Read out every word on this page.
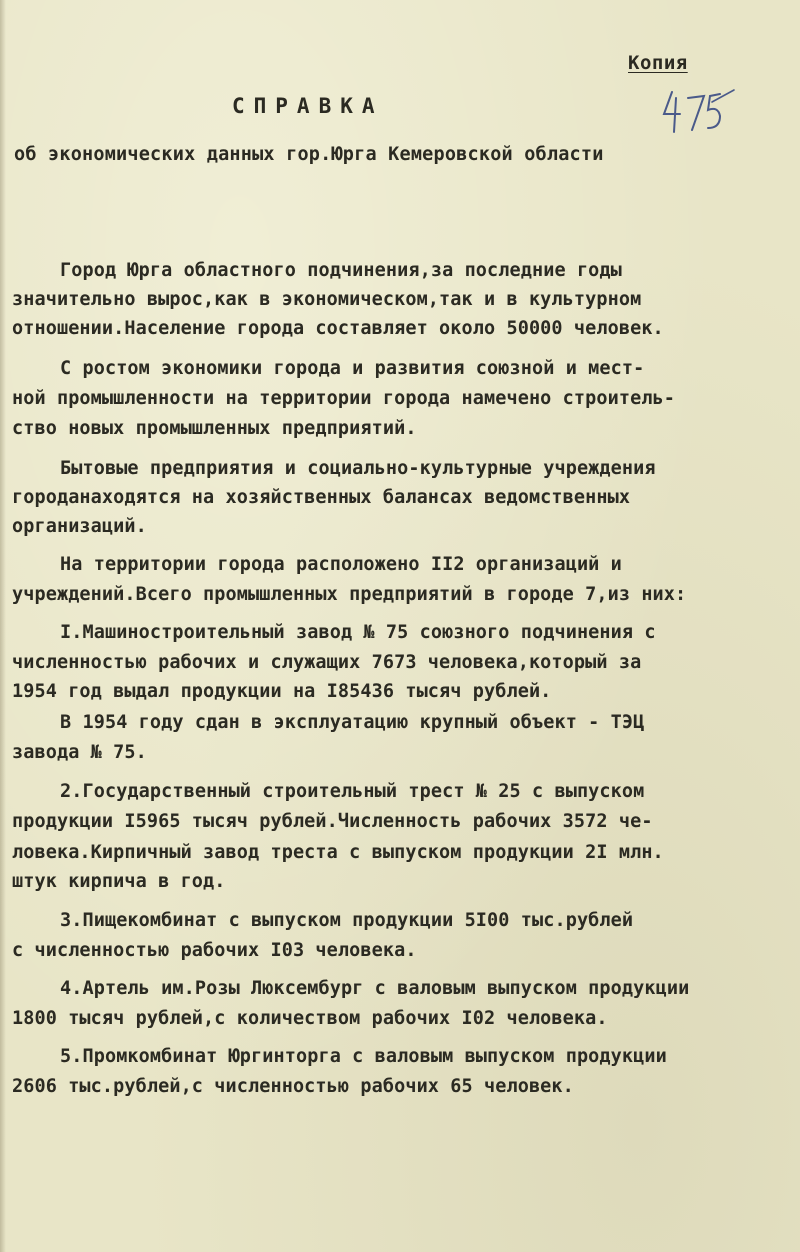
Копия
СПРАВКА
об экономических данных гор.Юрга Кемеровской области
Город Юрга областного подчинения,за последние годы
значительно вырос,как в экономическом,так и в культурном
отношении.Население города составляет около 50000 человек.
С ростом экономики города и развития союзной и мест-
ной промышленности на территории города намечено строитель-
ство новых промышленных предприятий.
Бытовые предприятия и социально-культурные учреждения
городанаходятся на хозяйственных балансах ведомственных
организаций.
На территории города расположено II2 организаций и
учреждений.Всего промышленных предприятий в городе 7,из них:
I.Машиностроительный завод № 75 союзного подчинения с
численностью рабочих и служащих 7673 человека,который за
1954 год выдал продукции на I85436 тысяч рублей.
В 1954 году сдан в эксплуатацию крупный объект - ТЭЦ
завода № 75.
2.Государственный строительный трест № 25 с выпуском
продукции I5965 тысяч рублей.Численность рабочих 3572 че-
ловека.Кирпичный завод треста с выпуском продукции 2I млн.
штук кирпича в год.
3.Пищекомбинат с выпуском продукции 5I00 тыс.рублей
с численностью рабочих I03 человека.
4.Артель им.Розы Люксембург с валовым выпуском продукции
1800 тысяч рублей,с количеством рабочих I02 человека.
5.Промкомбинат Юргинторга с валовым выпуском продукции
2606 тыс.рублей,с численностью рабочих 65 человек.
